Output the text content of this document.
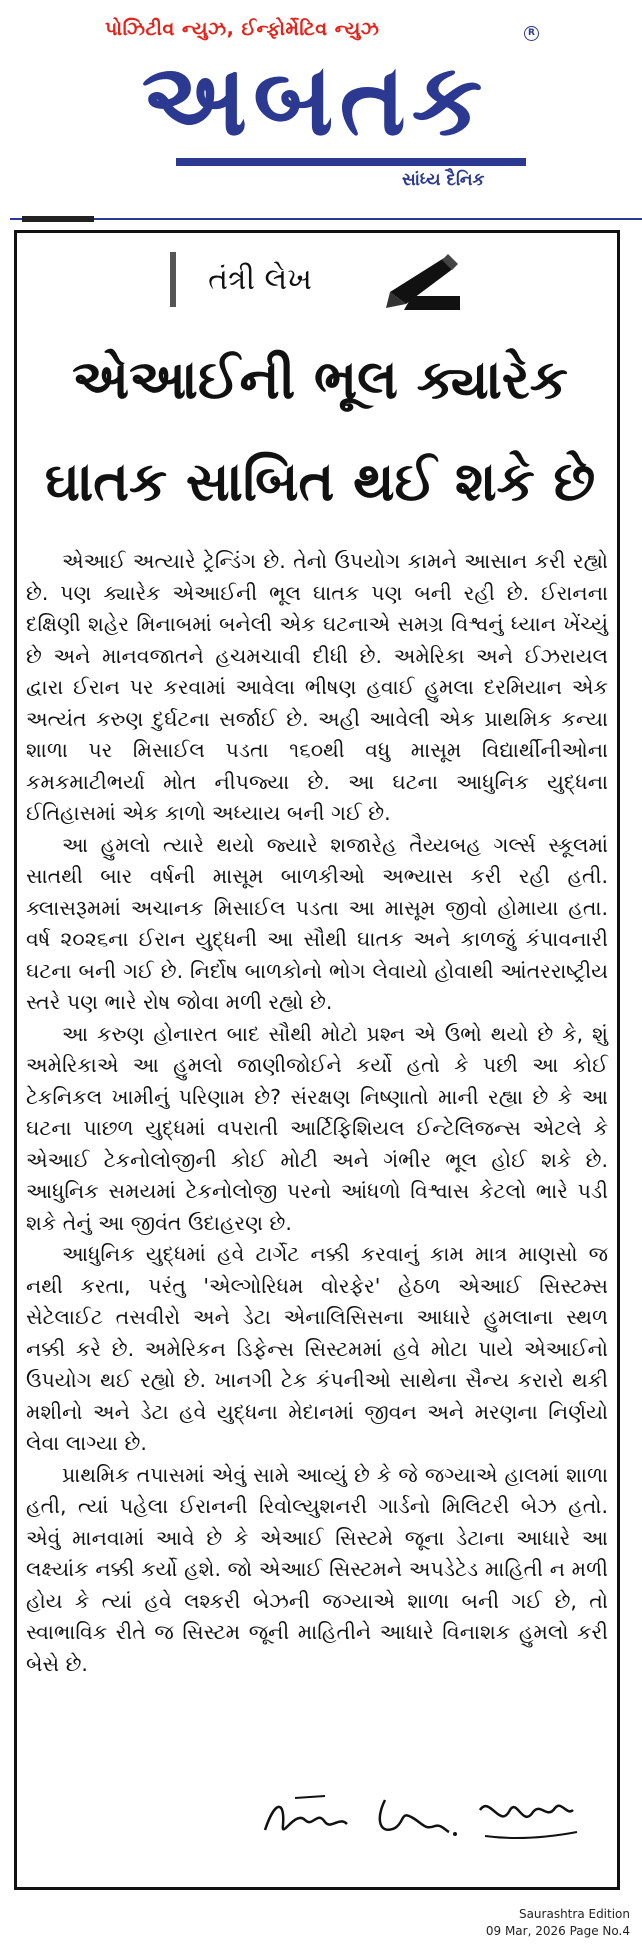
પોઝિટીવ ન્યુઝ, ઈન્ફોર્મેટિવ ન્યુઝ	R
અબતક
સાંધ્ય દૈનિક
તંત્રી લેખ
એઆઈની ભૂલ ક્યારેક
ઘાતક સાબિત થઈ શકે છે

એઆઈ અત્યારે ટ્રેન્ડિંગ છે. તેનો ઉપયોગ કામને આસાન કરી રહ્યો છે. પણ ક્યારેક એઆઈની ભૂલ ઘાતક પણ બની રહી છે. ઈરાનના દક્ષિણી શહેર મિનાબમાં બનેલી એક ઘટનાએ સમગ્ર વિશ્વનું ધ્યાન ખેંચ્યું છે અને માનવજાતને હચમચાવી દીધી છે. અમેરિકા અને ઈઝરાયલ દ્વારા ઈરાન પર કરવામાં આવેલા ભીષણ હવાઈ હુમલા દરમિયાન એક અત્યંત કરુણ દુર્ઘટના સર્જાઈ છે. અહી આવેલી એક પ્રાથમિક કન્યા શાળા પર મિસાઈલ પડતા ૧૬૦થી વધુ માસૂમ વિદ્યાર્થીનીઓના કમકમાટીભર્યા મોત નીપજ્યા છે. આ ઘટના આધુનિક યુદ્ધના ઈતિહાસમાં એક કાળો અધ્યાય બની ગઈ છે.

આ હુમલો ત્યારે થયો જ્યારે શજારેહ તૈય્યબહ ગર્લ્સ સ્કૂલમાં સાતથી બાર વર્ષની માસૂમ બાળકીઓ અભ્યાસ કરી રહી હતી. ક્લાસરૂમમાં અચાનક મિસાઈલ પડતા આ માસૂમ જીવો હોમાયા હતા. વર્ષ ૨૦૨૬ના ઈરાન યુદ્ધની આ સૌથી ઘાતક અને કાળજું કંપાવનારી ઘટના બની ગઈ છે. નિર્દોષ બાળકોનો ભોગ લેવાયો હોવાથી આંતરરાષ્ટ્રીય સ્તરે પણ ભારે રોષ જોવા મળી રહ્યો છે.

આ કરુણ હોનારત બાદ સૌથી મોટો પ્રશ્ન એ ઉભો થયો છે કે, શું અમેરિકાએ આ હુમલો જાણીજોઈને કર્યો હતો કે પછી આ કોઈ ટેકનિકલ ખામીનું પરિણામ છે? સંરક્ષણ નિષ્ણાતો માની રહ્યા છે કે આ ઘટના પાછળ યુદ્ધમાં વપરાતી આર્ટિફિશિયલ ઈન્ટેલિજન્સ એટલે કે એઆઈ ટેકનોલોજીની કોઈ મોટી અને ગંભીર ભૂલ હોઈ શકે છે. આધુનિક સમયમાં ટેકનોલોજી પરનો આંધળો વિશ્વાસ કેટલો ભારે પડી શકે તેનું આ જીવંત ઉદાહરણ છે.

આધુનિક યુદ્ધમાં હવે ટાર્ગેટ નક્કી કરવાનું કામ માત્ર માણસો જ નથી કરતા, પરંતુ 'એલ્ગોરિધમ વોરફેર' હેઠળ એઆઈ સિસ્ટમ્સ સેટેલાઈટ તસવીરો અને ડેટા એનાલિસિસના આધારે હુમલાના સ્થળ નક્કી કરે છે. અમેરિકન ડિફેન્સ સિસ્ટમમાં હવે મોટા પાયે એઆઈનો ઉપયોગ થઈ રહ્યો છે. ખાનગી ટેક કંપનીઓ સાથેના સૈન્ય કરારો થકી મશીનો અને ડેટા હવે યુદ્ધના મેદાનમાં જીવન અને મરણના નિર્ણયો લેવા લાગ્યા છે.

પ્રાથમિક તપાસમાં એવું સામે આવ્યું છે કે જે જગ્યાએ હાલમાં શાળા હતી, ત્યાં પહેલા ઈરાનની રિવોલ્યુશનરી ગાર્ડનો મિલિટરી બેઝ હતો. એવું માનવામાં આવે છે કે એઆઈ સિસ્ટમે જૂના ડેટાના આધારે આ લક્ષ્યાંક નક્કી કર્યો હશે. જો એઆઈ સિસ્ટમને અપડેટેડ માહિતી ન મળી હોય કે ત્યાં હવે લશ્કરી બેઝની જગ્યાએ શાળા બની ગઈ છે, તો સ્વાભાવિક રીતે જ સિસ્ટમ જૂની માહિતીને આધારે વિનાશક હુમલો કરી બેસે છે.

Saurashtra Edition
09 Mar, 2026 Page No.4
